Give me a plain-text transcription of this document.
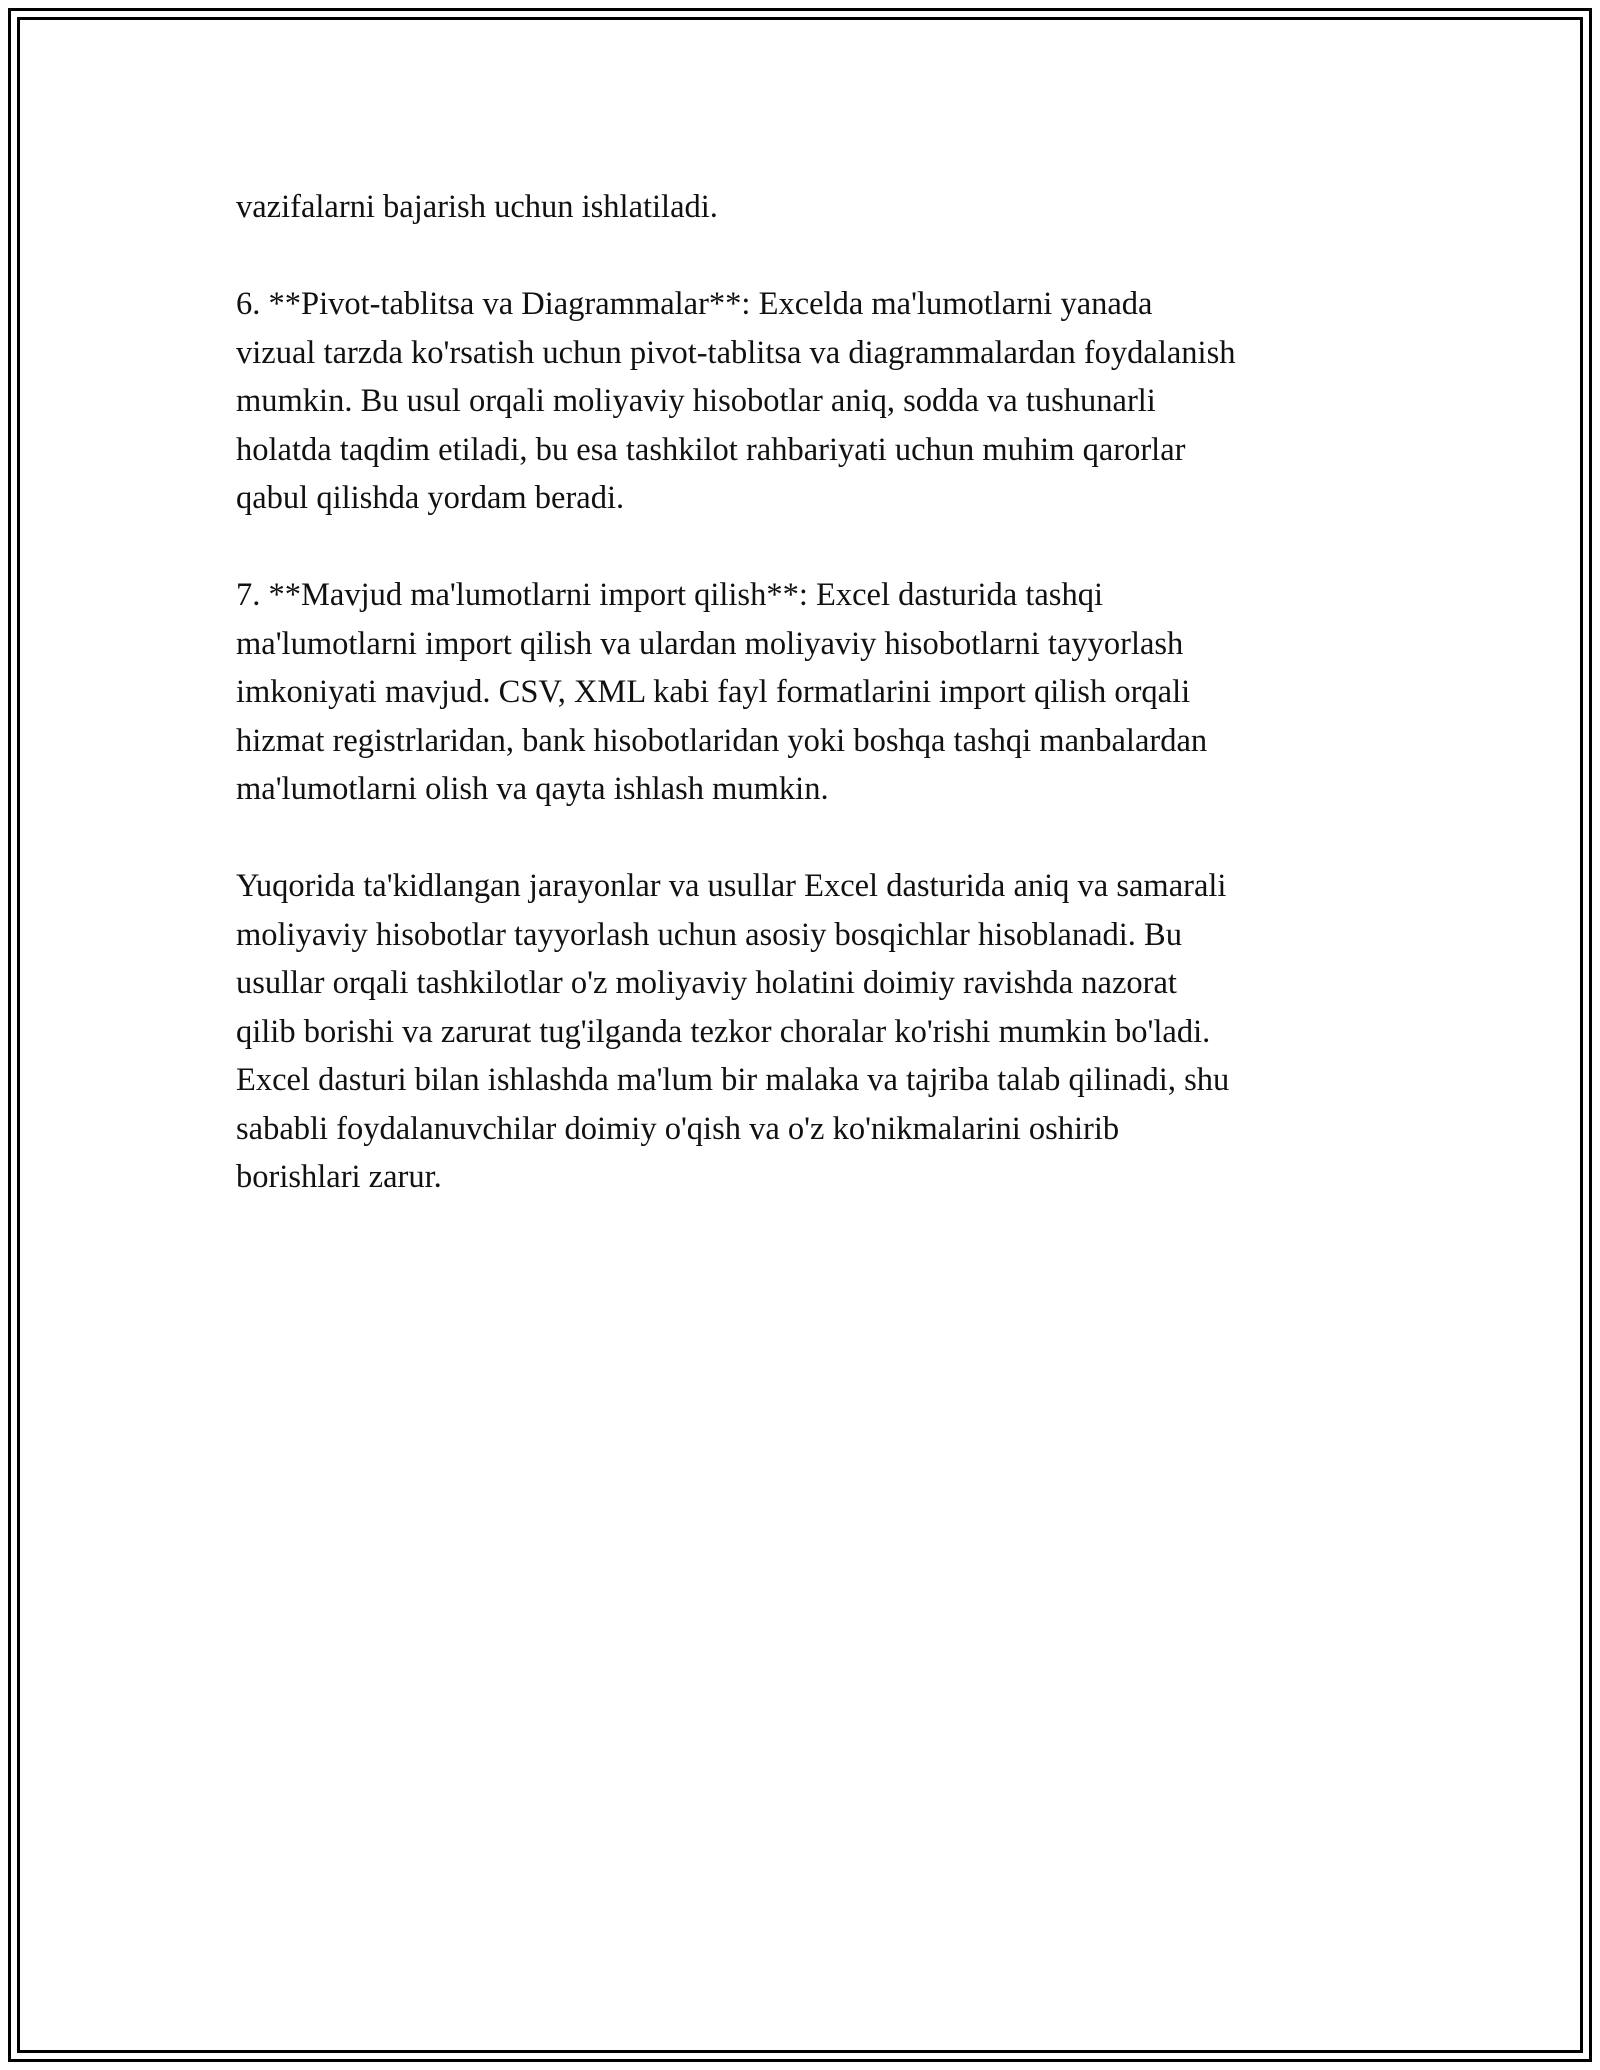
vazifalarni bajarish uchun ishlatiladi.

6. **Pivot-tablitsa va Diagrammalar**: Excelda ma'lumotlarni yanada
vizual tarzda ko'rsatish uchun pivot-tablitsa va diagrammalardan foydalanish
mumkin. Bu usul orqali moliyaviy hisobotlar aniq, sodda va tushunarli
holatda taqdim etiladi, bu esa tashkilot rahbariyati uchun muhim qarorlar
qabul qilishda yordam beradi.

7. **Mavjud ma'lumotlarni import qilish**: Excel dasturida tashqi
ma'lumotlarni import qilish va ulardan moliyaviy hisobotlarni tayyorlash
imkoniyati mavjud. CSV, XML kabi fayl formatlarini import qilish orqali
hizmat registrlaridan, bank hisobotlaridan yoki boshqa tashqi manbalardan
ma'lumotlarni olish va qayta ishlash mumkin.

Yuqorida ta'kidlangan jarayonlar va usullar Excel dasturida aniq va samarali
moliyaviy hisobotlar tayyorlash uchun asosiy bosqichlar hisoblanadi. Bu
usullar orqali tashkilotlar o'z moliyaviy holatini doimiy ravishda nazorat
qilib borishi va zarurat tug'ilganda tezkor choralar ko'rishi mumkin bo'ladi.
Excel dasturi bilan ishlashda ma'lum bir malaka va tajriba talab qilinadi, shu
sababli foydalanuvchilar doimiy o'qish va o'z ko'nikmalarini oshirib
borishlari zarur.
